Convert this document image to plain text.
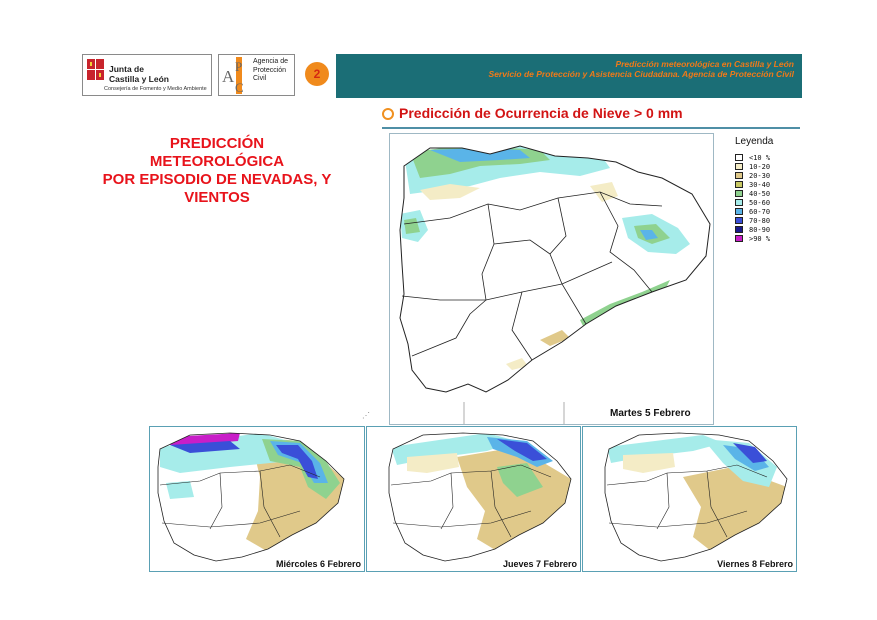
Junta de
Castilla y León
Consejería de Fomento y Medio Ambiente
A
P
C
Agencia de
Protección
Civil	2
Predicción meteorológica en Castilla y León
Servicio de Protección y Asistencia Ciudadana. Agencia de Protección Civil
PREDICCIÓN
METEOROLÓGICA
POR EPISODIO DE NEVADAS, Y
VIENTOS
Predicción de Ocurrencia de Nieve > 0 mm
Martes 5 Febrero
Leyenda
<10 %
10-20
20-30
30-40
40-50
50-60
60-70
70-80
80-90
>90 %
⋰
Miércoles 6 Febrero	Jueves 7 Febrero	Viernes 8 Febrero
